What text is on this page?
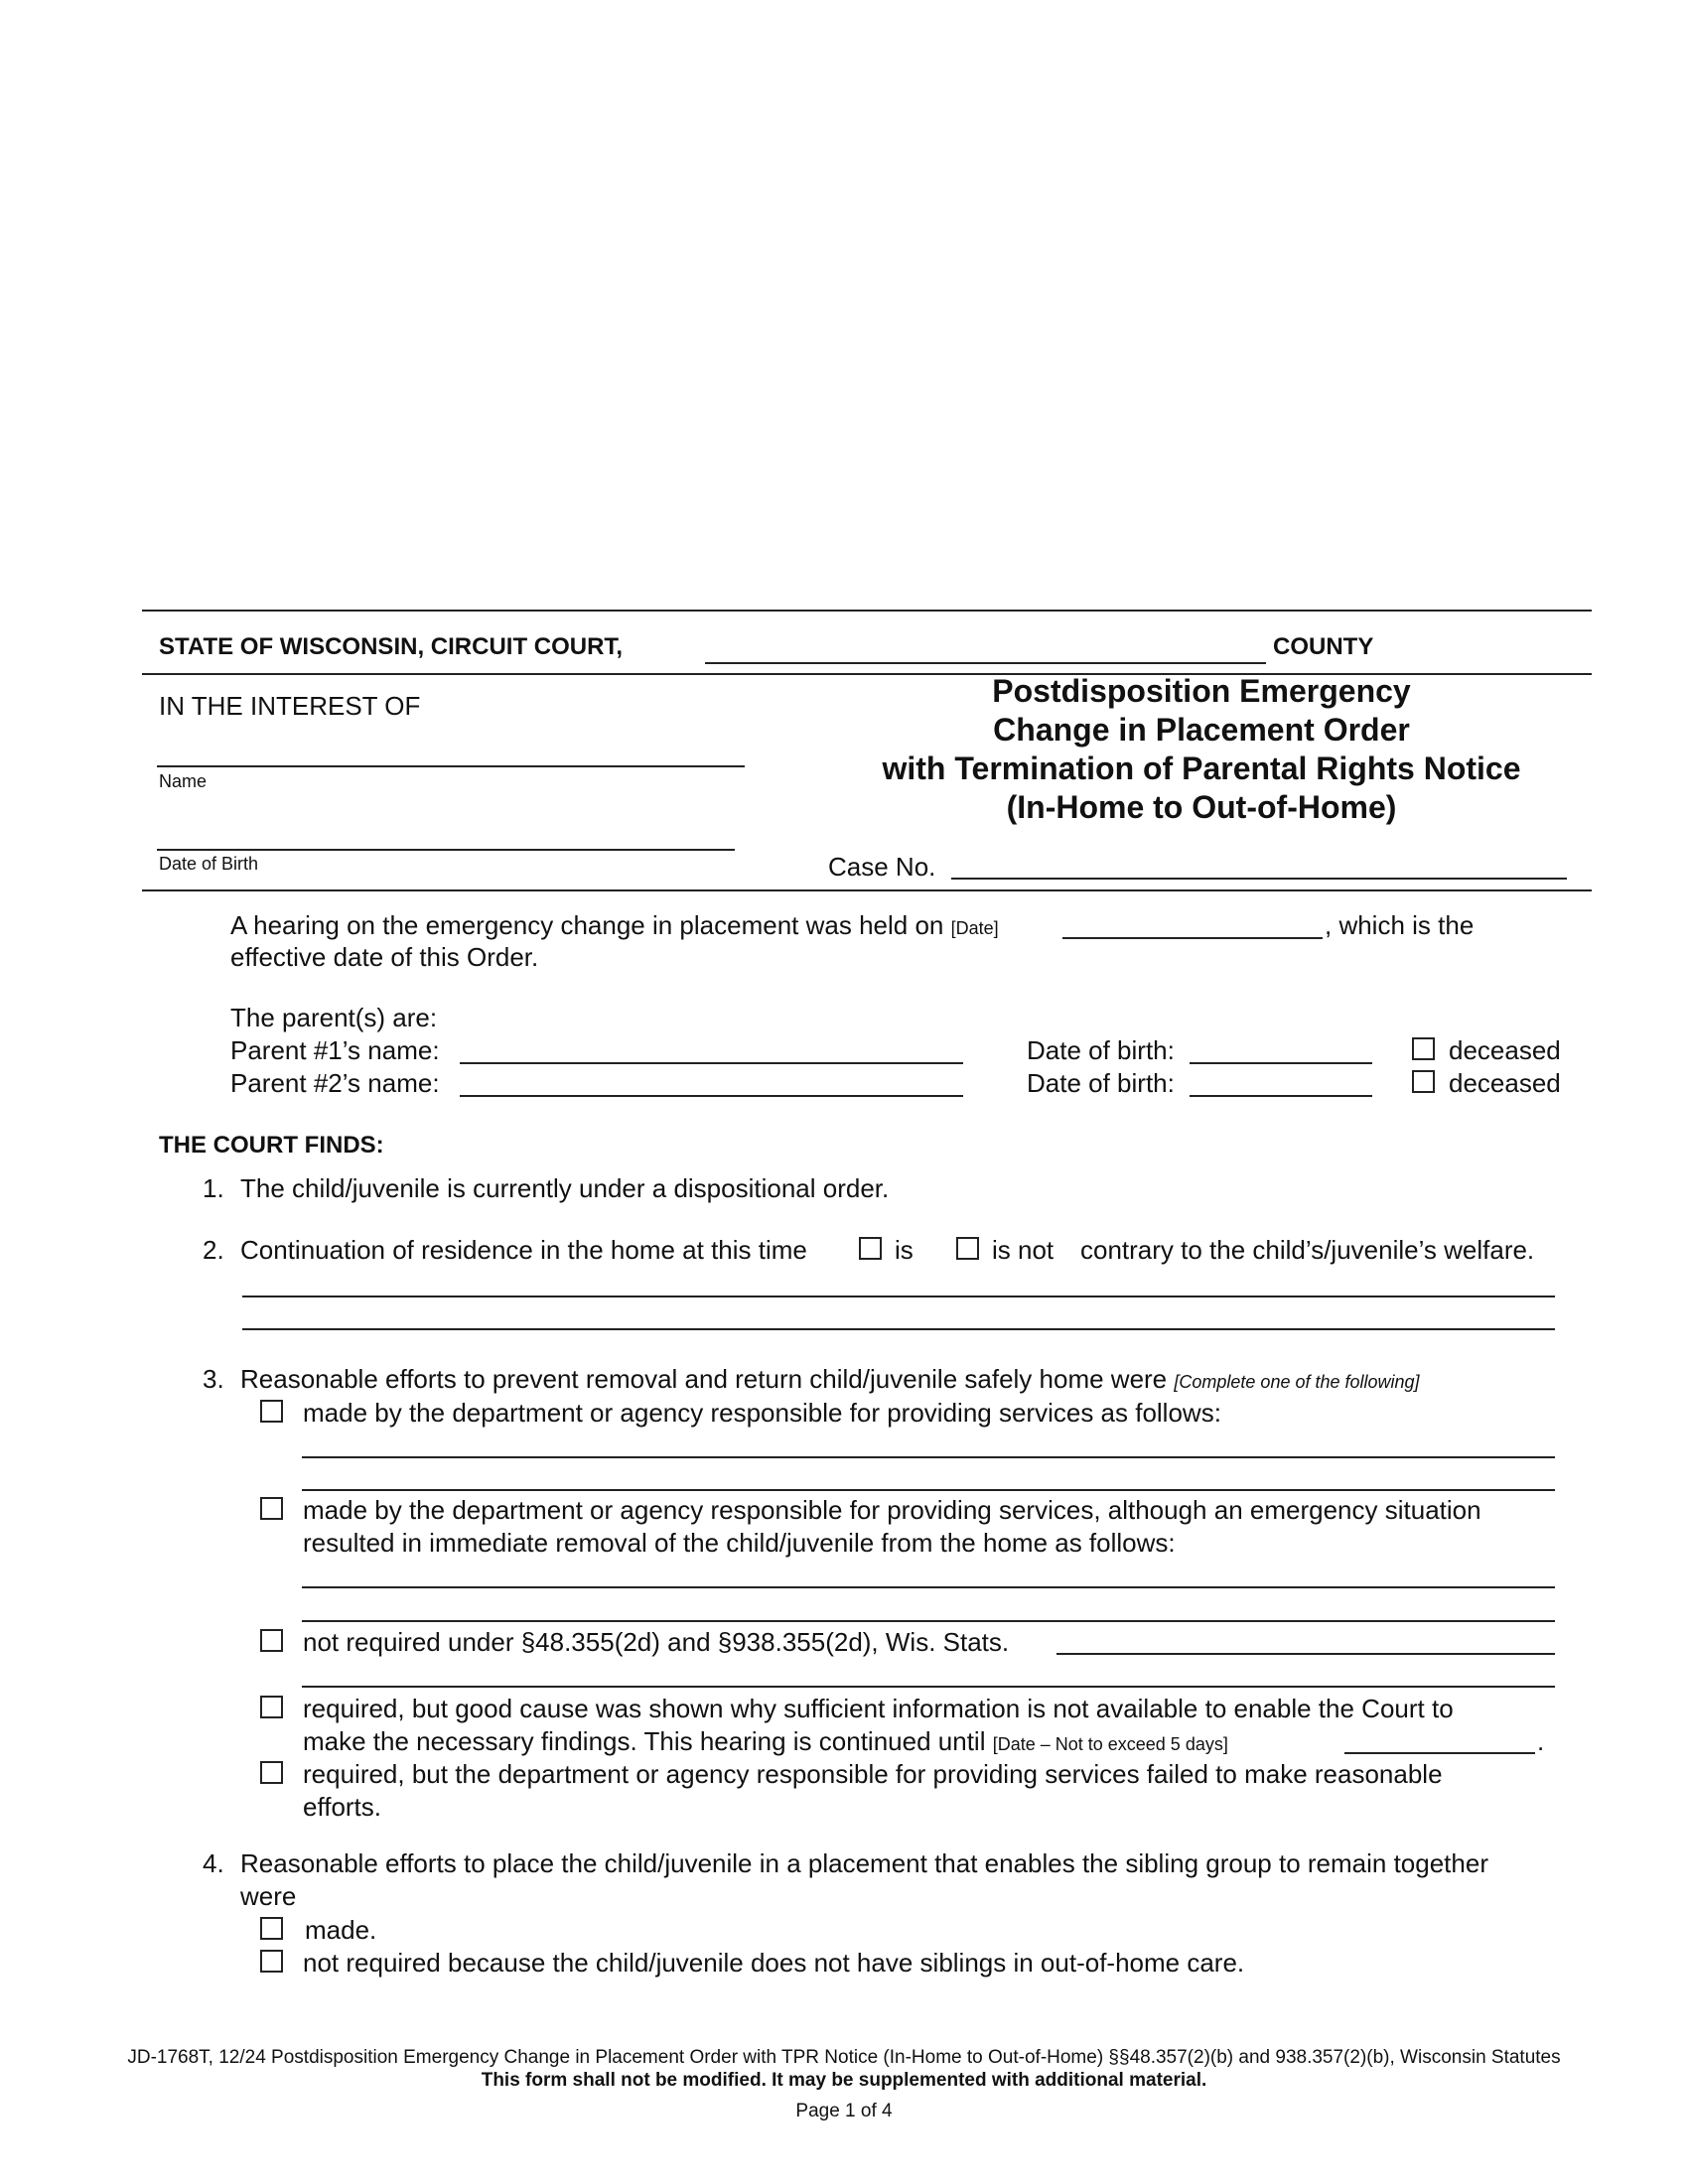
STATE OF WISCONSIN, CIRCUIT COURT,	COUNTY
IN THE INTEREST OF	Postdisposition Emergency
Change in Placement Order
with Termination of Parental Rights Notice
(In-Home to Out-of-Home)
Name
Date of Birth	Case No.
A hearing on the emergency change in placement was held on [Date]	, which is the
effective date of this Order.
The parent(s) are:
Parent #1’s name:	Date of birth:	deceased
Parent #2’s name:	Date of birth:	deceased
THE COURT FINDS:
1. The child/juvenile is currently under a dispositional order.
2. Continuation of residence in the home at this time	is	is not contrary to the child’s/juvenile’s welfare.
3. Reasonable efforts to prevent removal and return child/juvenile safely home were [Complete one of the following]
made by the department or agency responsible for providing services as follows:
made by the department or agency responsible for providing services, although an emergency situation
resulted in immediate removal of the child/juvenile from the home as follows:
not required under §48.355(2d) and §938.355(2d), Wis. Stats.
required, but good cause was shown why sufficient information is not available to enable the Court to
make the necessary findings. This hearing is continued until [Date – Not to exceed 5 days]	.
required, but the department or agency responsible for providing services failed to make reasonable
efforts.
4. Reasonable efforts to place the child/juvenile in a placement that enables the sibling group to remain together
were
made.
not required because the child/juvenile does not have siblings in out-of-home care.
JD-1768T, 12/24 Postdisposition Emergency Change in Placement Order with TPR Notice (In-Home to Out-of-Home) §§48.357(2)(b) and 938.357(2)(b), Wisconsin Statutes
This form shall not be modified. It may be supplemented with additional material.
Page 1 of 4
